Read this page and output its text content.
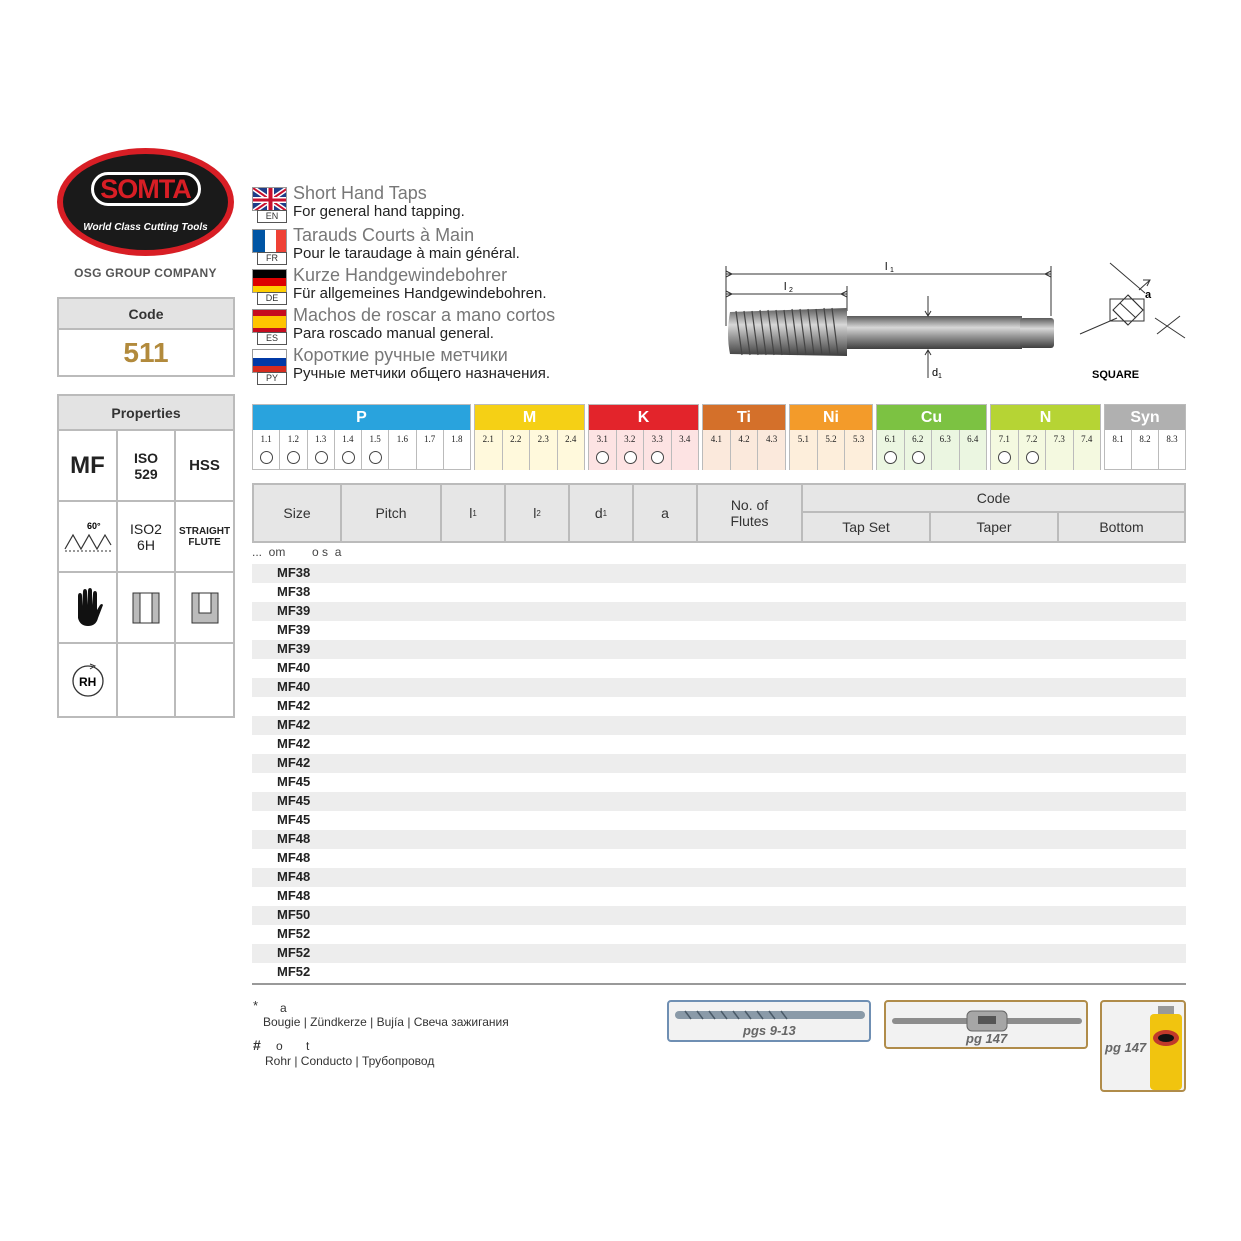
SOMTA
World Class Cutting Tools
OSG GROUP COMPANY
Code
511
Properties
MF	ISO 529	HSS
60°	ISO2 6H
STRAIGHT FLUTE
RH
EN
Short Hand Taps
For general hand tapping.
FR
Tarauds Courts à Main
Pour le taraudage à main général.
DE
Kurze Handgewindebohrer
Für allgemeines Handgewindebohren.
ES
Machos de roscar a mano cortos
Para roscado manual general.
PY
Короткие ручные метчики
Ручные метчики общего назначения.
l 1
l 2
d 1
a
SQUARE
P
1.1	1.2	1.3	1.4	1.5	1.6	1.7	1.8
M
2.1	2.2	2.3	2.4
K
3.1	3.2	3.3	3.4
Ti
4.1	4.2	4.3
Ni
5.1	5.2	5.3
Cu
6.1	6.2	6.3	6.4
N
7.1	7.2	7.3	7.4
Syn
8.1	8.2	8.3
Size	Pitch	l 1	l 2	d 1	a	No. of Flutes
Code
Tap Set	Taper	Bottom
...  om        o s  a
MF38
MF38
MF39
MF39
MF39
MF40
MF40
MF42
MF42
MF42
MF42
MF45
MF45
MF45
MF48
MF48
MF48
MF48
MF50
MF52
MF52
MF52
* a
Bougie | Zündkerze | Bujía | Свеча зажигания
# o       t
Rohr | Conducto | Трубопровод
pgs 9-13
pg 147
pg 147
